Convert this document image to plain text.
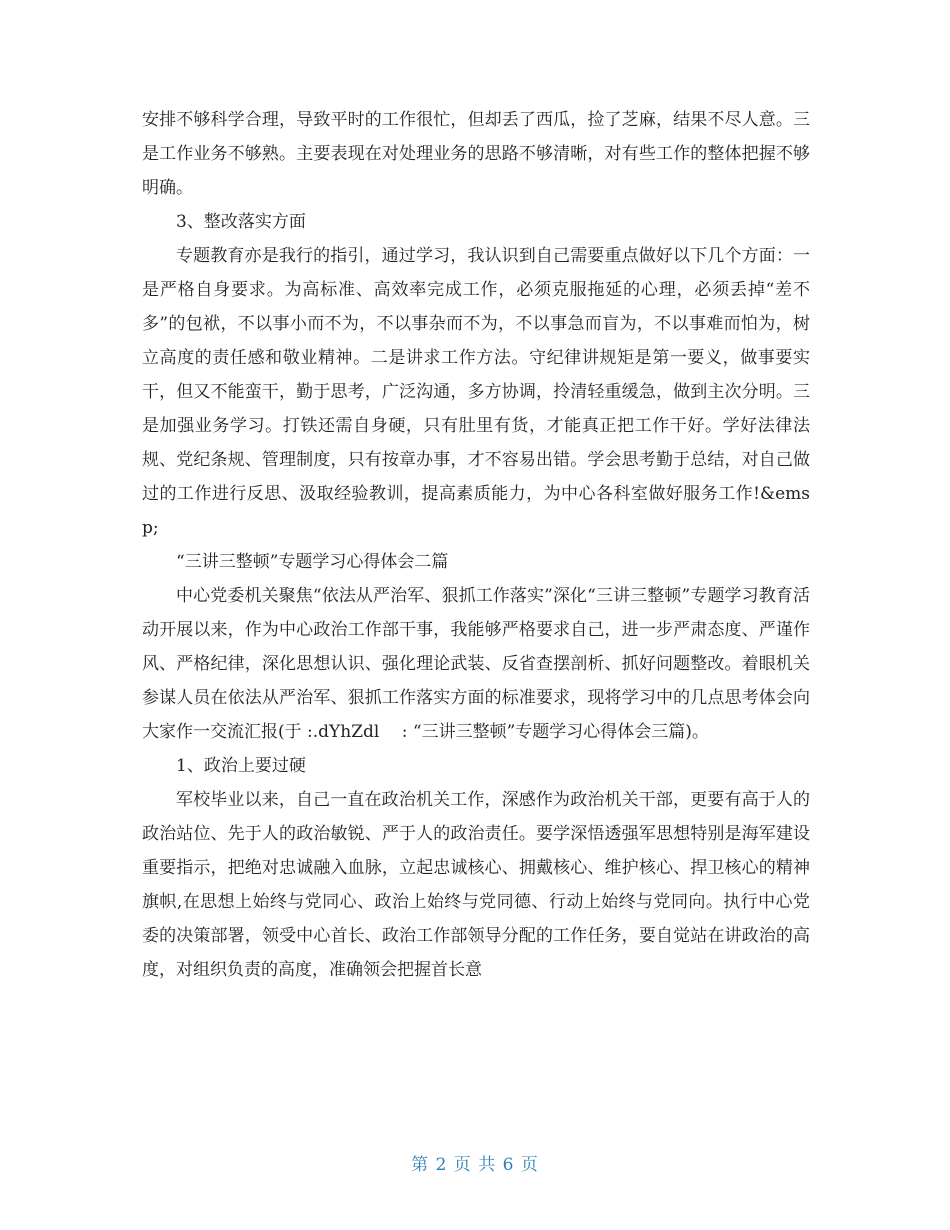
安排不够科学合理，导致平时的工作很忙，但却丢了西瓜，捡了芝麻，结果不尽人意。三是工作业务不够熟。主要表现在对处理业务的思路不够清晰，对有些工作的整体把握不够明确。

3、整改落实方面

专题教育亦是我行的指引，通过学习，我认识到自己需要重点做好以下几个方面：一是严格自身要求。为高标准、高效率完成工作，必须克服拖延的心理，必须丢掉“差不多”的包袱，不以事小而不为，不以事杂而不为，不以事急而盲为，不以事难而怕为，树立高度的责任感和敬业精神。二是讲求工作方法。守纪律讲规矩是第一要义，做事要实干，但又不能蛮干，勤于思考，广泛沟通，多方协调，拎清轻重缓急，做到主次分明。三是加强业务学习。打铁还需自身硬，只有肚里有货，才能真正把工作干好。学好法律法规、党纪条规、管理制度，只有按章办事，才不容易出错。学会思考勤于总结，对自己做过的工作进行反思、汲取经验教训，提高素质能力，为中心各科室做好服务工作!&emsp;

“三讲三整顿”专题学习心得体会二篇

中心党委机关聚焦“依法从严治军、狠抓工作落实”深化“三讲三整顿”专题学习教育活动开展以来，作为中心政治工作部干事，我能够严格要求自己，进一步严肃态度、严谨作风、严格纪律，深化思想认识、强化理论武装、反省查摆剖析、抓好问题整改。着眼机关参谋人员在依法从严治军、狠抓工作落实方面的标准要求，现将学习中的几点思考体会向大家作一交流汇报(于 :.dYhZdl　 : “三讲三整顿”专题学习心得体会三篇)。

1、政治上要过硬

军校毕业以来，自己一直在政治机关工作，深感作为政治机关干部，更要有高于人的政治站位、先于人的政治敏锐、严于人的政治责任。要学深悟透强军思想特别是海军建设重要指示，把绝对忠诚融入血脉，立起忠诚核心、拥戴核心、维护核心、捍卫核心的精神旗帜,在思想上始终与党同心、政治上始终与党同德、行动上始终与党同向。执行中心党委的决策部署，领受中心首长、政治工作部领导分配的工作任务，要自觉站在讲政治的高度，对组织负责的高度，准确领会把握首长意

第 2 页 共 6 页
